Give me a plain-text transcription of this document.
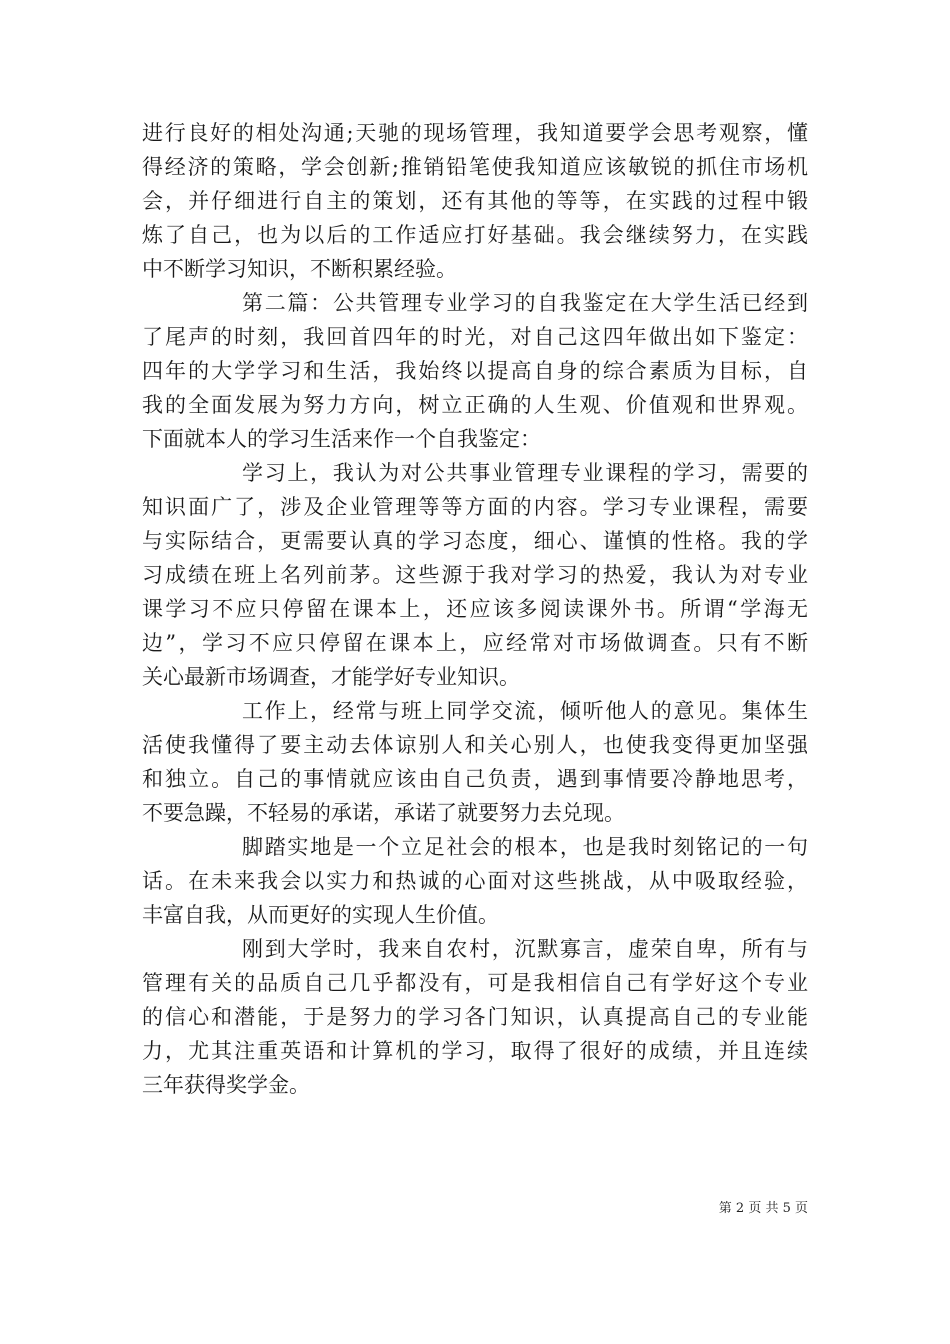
进行良好的相处沟通;天驰的现场管理，我知道要学会思考观察，懂
得经济的策略，学会创新;推销铅笔使我知道应该敏锐的抓住市场机
会，并仔细进行自主的策划，还有其他的等等，在实践的过程中锻
炼了自己，也为以后的工作适应打好基础。我会继续努力，在实践
中不断学习知识，不断积累经验。
第二篇：公共管理专业学习的自我鉴定在大学生活已经到
了尾声的时刻，我回首四年的时光，对自己这四年做出如下鉴定：
四年的大学学习和生活，我始终以提高自身的综合素质为目标，自
我的全面发展为努力方向，树立正确的人生观、价值观和世界观。
下面就本人的学习生活来作一个自我鉴定：
学习上，我认为对公共事业管理专业课程的学习，需要的
知识面广了，涉及企业管理等等方面的内容。学习专业课程，需要
与实际结合，更需要认真的学习态度，细心、谨慎的性格。我的学
习成绩在班上名列前茅。这些源于我对学习的热爱，我认为对专业
课学习不应只停留在课本上，还应该多阅读课外书。所谓“学海无
边”，学习不应只停留在课本上，应经常对市场做调查。只有不断
关心最新市场调查，才能学好专业知识。
工作上，经常与班上同学交流，倾听他人的意见。集体生
活使我懂得了要主动去体谅别人和关心别人，也使我变得更加坚强
和独立。自己的事情就应该由自己负责，遇到事情要冷静地思考，
不要急躁，不轻易的承诺，承诺了就要努力去兑现。
脚踏实地是一个立足社会的根本，也是我时刻铭记的一句
话。在未来我会以实力和热诚的心面对这些挑战，从中吸取经验，
丰富自我，从而更好的实现人生价值。
刚到大学时，我来自农村，沉默寡言，虚荣自卑，所有与
管理有关的品质自己几乎都没有，可是我相信自己有学好这个专业
的信心和潜能，于是努力的学习各门知识，认真提高自己的专业能
力，尤其注重英语和计算机的学习，取得了很好的成绩，并且连续
三年获得奖学金。
第 2 页 共 5 页
